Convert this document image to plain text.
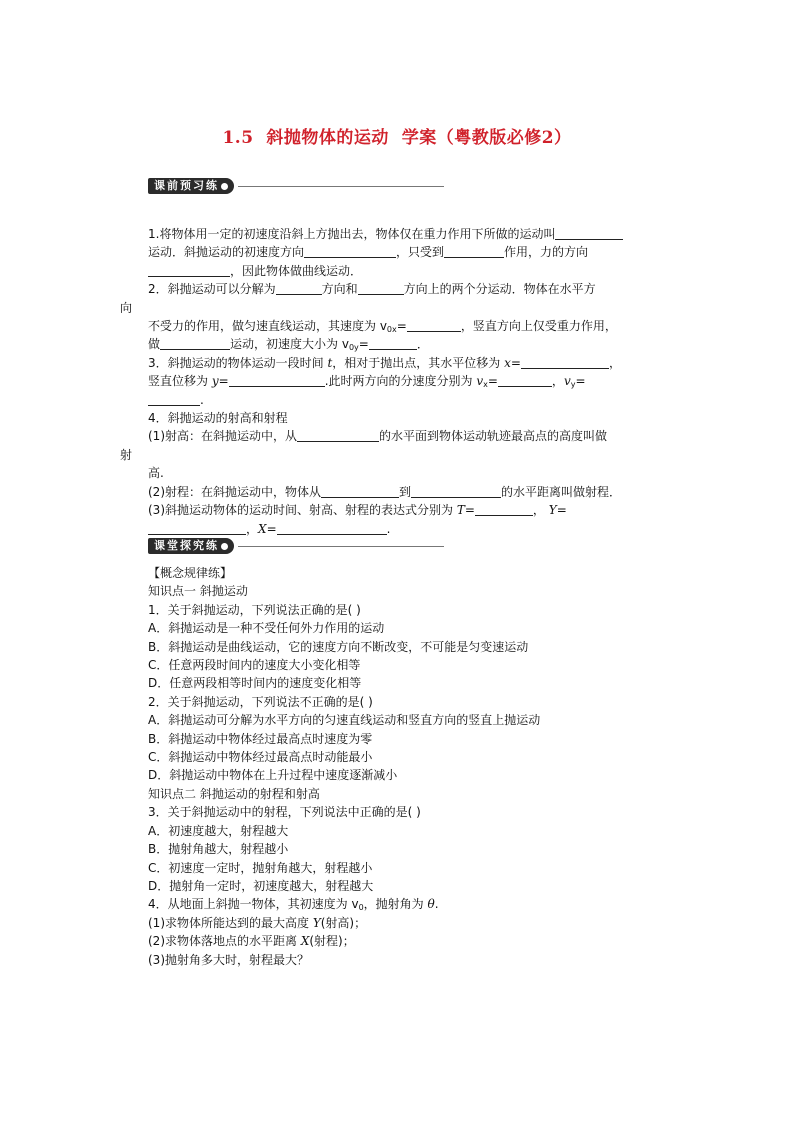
1.5  斜抛物体的运动  学案（粤教版必修2）
课前预习练
1.将物体用一定的初速度沿斜上方抛出去，物体仅在重力作用下所做的运动叫
运动．斜抛运动的初速度方向	，只受到	作用，力的方向
，因此物体做曲线运动．
2．斜抛运动可以分解为	方向和	方向上的两个分运动．物体在水平方
向
不受力的作用，做匀速直线运动，其速度为 $v_{0x}=$	，竖直方向上仅受重力作用，
做	运动，初速度大小为 $v_{0y}=$	．
3．斜抛运动的物体运动一段时间 t，相对于抛出点，其水平位移为 x=	，
竖直位移为 y=	.此时两方向的分速度分别为 $v_x=$	，$v_y=$
.
4．斜抛运动的射高和射程
(1)射高：在斜抛运动中，从	的水平面到物体运动轨迹最高点的高度叫做
射
高.
(2)射程：在斜抛运动中，物体从	到	的水平距离叫做射程．
(3)斜抛运动物体的运动时间、射高、射程的表达式分别为 T=	， Y=
，X=	.
课堂探究练
【概念规律练】
知识点一 斜抛运动
1．关于斜抛运动，下列说法正确的是( )
A．斜抛运动是一种不受任何外力作用的运动
B．斜抛运动是曲线运动，它的速度方向不断改变，不可能是匀变速运动
C．任意两段时间内的速度大小变化相等
D．任意两段相等时间内的速度变化相等
2．关于斜抛运动，下列说法不正确的是( )
A．斜抛运动可分解为水平方向的匀速直线运动和竖直方向的竖直上抛运动
B．斜抛运动中物体经过最高点时速度为零
C．斜抛运动中物体经过最高点时动能最小
D．斜抛运动中物体在上升过程中速度逐渐减小
知识点二 斜抛运动的射程和射高
3．关于斜抛运动中的射程，下列说法中正确的是( )
A．初速度越大，射程越大
B．抛射角越大，射程越小
C．初速度一定时，抛射角越大，射程越小
D．抛射角一定时，初速度越大，射程越大
4．从地面上斜抛一物体，其初速度为 $v_0$，抛射角为 θ.
(1)求物体所能达到的最大高度 Y(射高)；
(2)求物体落地点的水平距离 X(射程)；
(3)抛射角多大时，射程最大？
